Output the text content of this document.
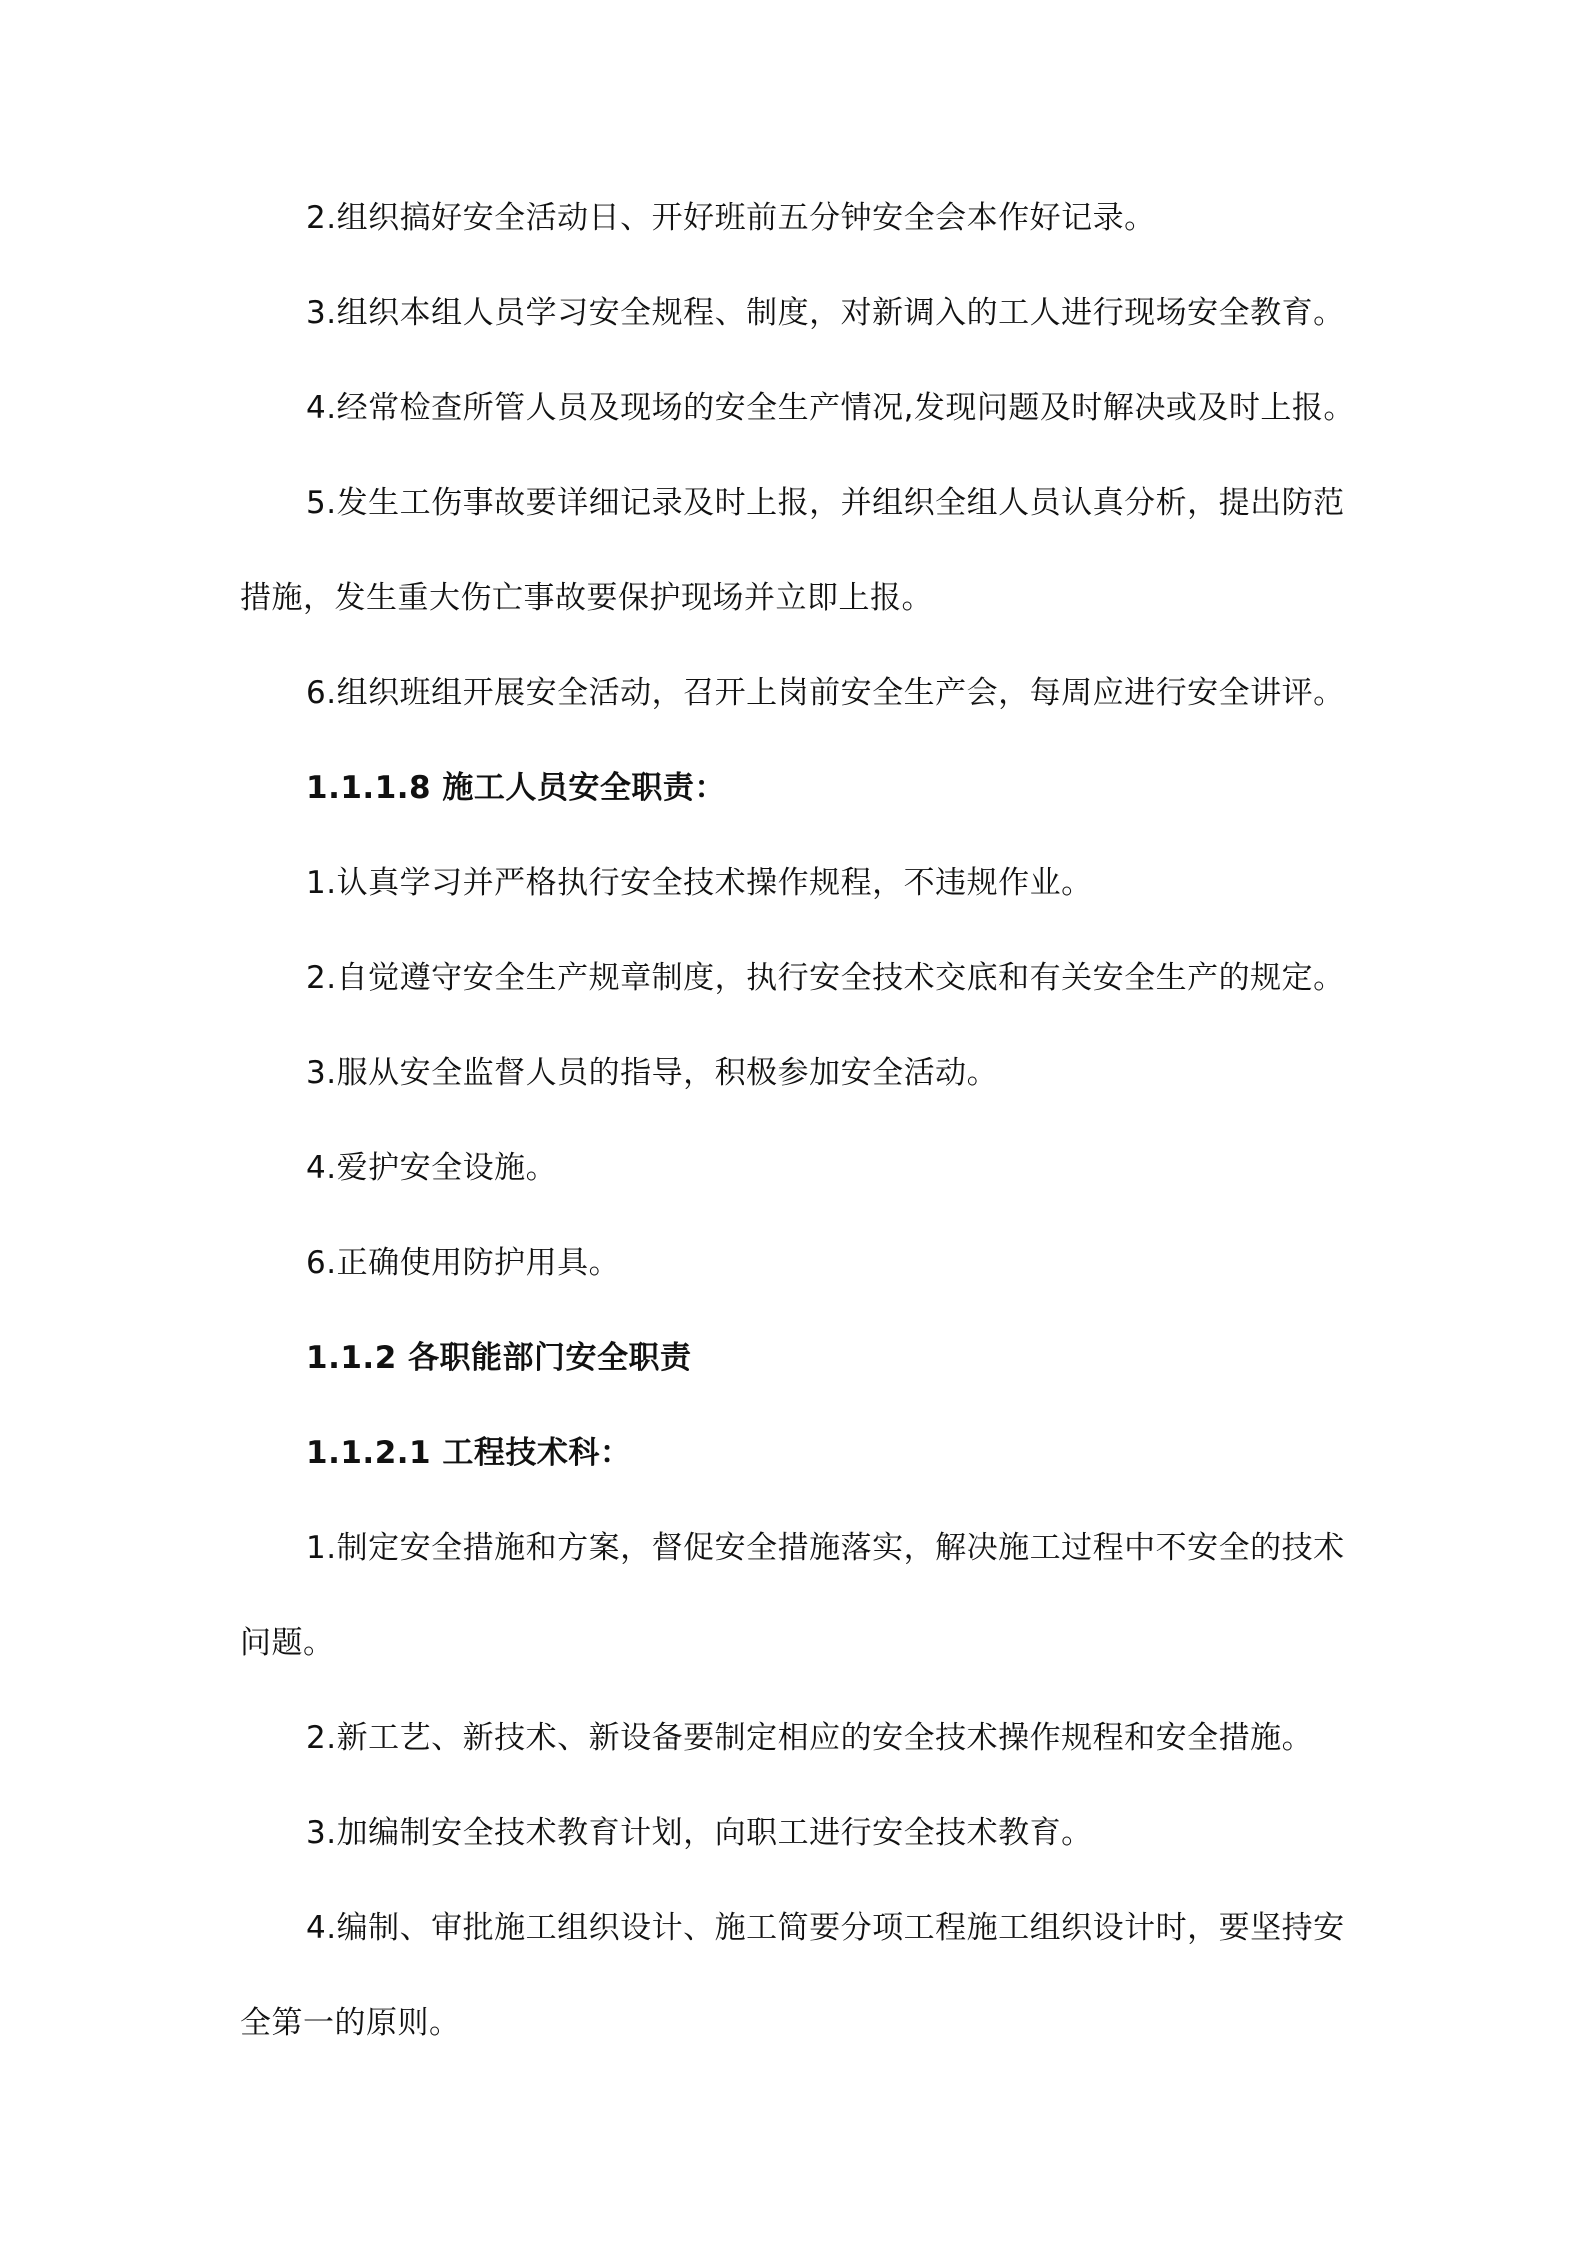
2.组织搞好安全活动日、开好班前五分钟安全会本作好记录。
3.组织本组人员学习安全规程、制度，对新调入的工人进行现场安全教育。
4.经常检查所管人员及现场的安全生产情况,发现问题及时解决或及时上报。
5.发生工伤事故要详细记录及时上报，并组织全组人员认真分析，提出防范
措施，发生重大伤亡事故要保护现场并立即上报。
6.组织班组开展安全活动，召开上岗前安全生产会，每周应进行安全讲评。
1.1.1.8 施工人员安全职责：
1.认真学习并严格执行安全技术操作规程，不违规作业。
2.自觉遵守安全生产规章制度，执行安全技术交底和有关安全生产的规定。
3.服从安全监督人员的指导，积极参加安全活动。
4.爱护安全设施。
6.正确使用防护用具。
1.1.2 各职能部门安全职责
1.1.2.1 工程技术科：
1.制定安全措施和方案，督促安全措施落实，解决施工过程中不安全的技术
问题。
2.新工艺、新技术、新设备要制定相应的安全技术操作规程和安全措施。
3.加编制安全技术教育计划，向职工进行安全技术教育。
4.编制、审批施工组织设计、施工简要分项工程施工组织设计时，要坚持安
全第一的原则。
